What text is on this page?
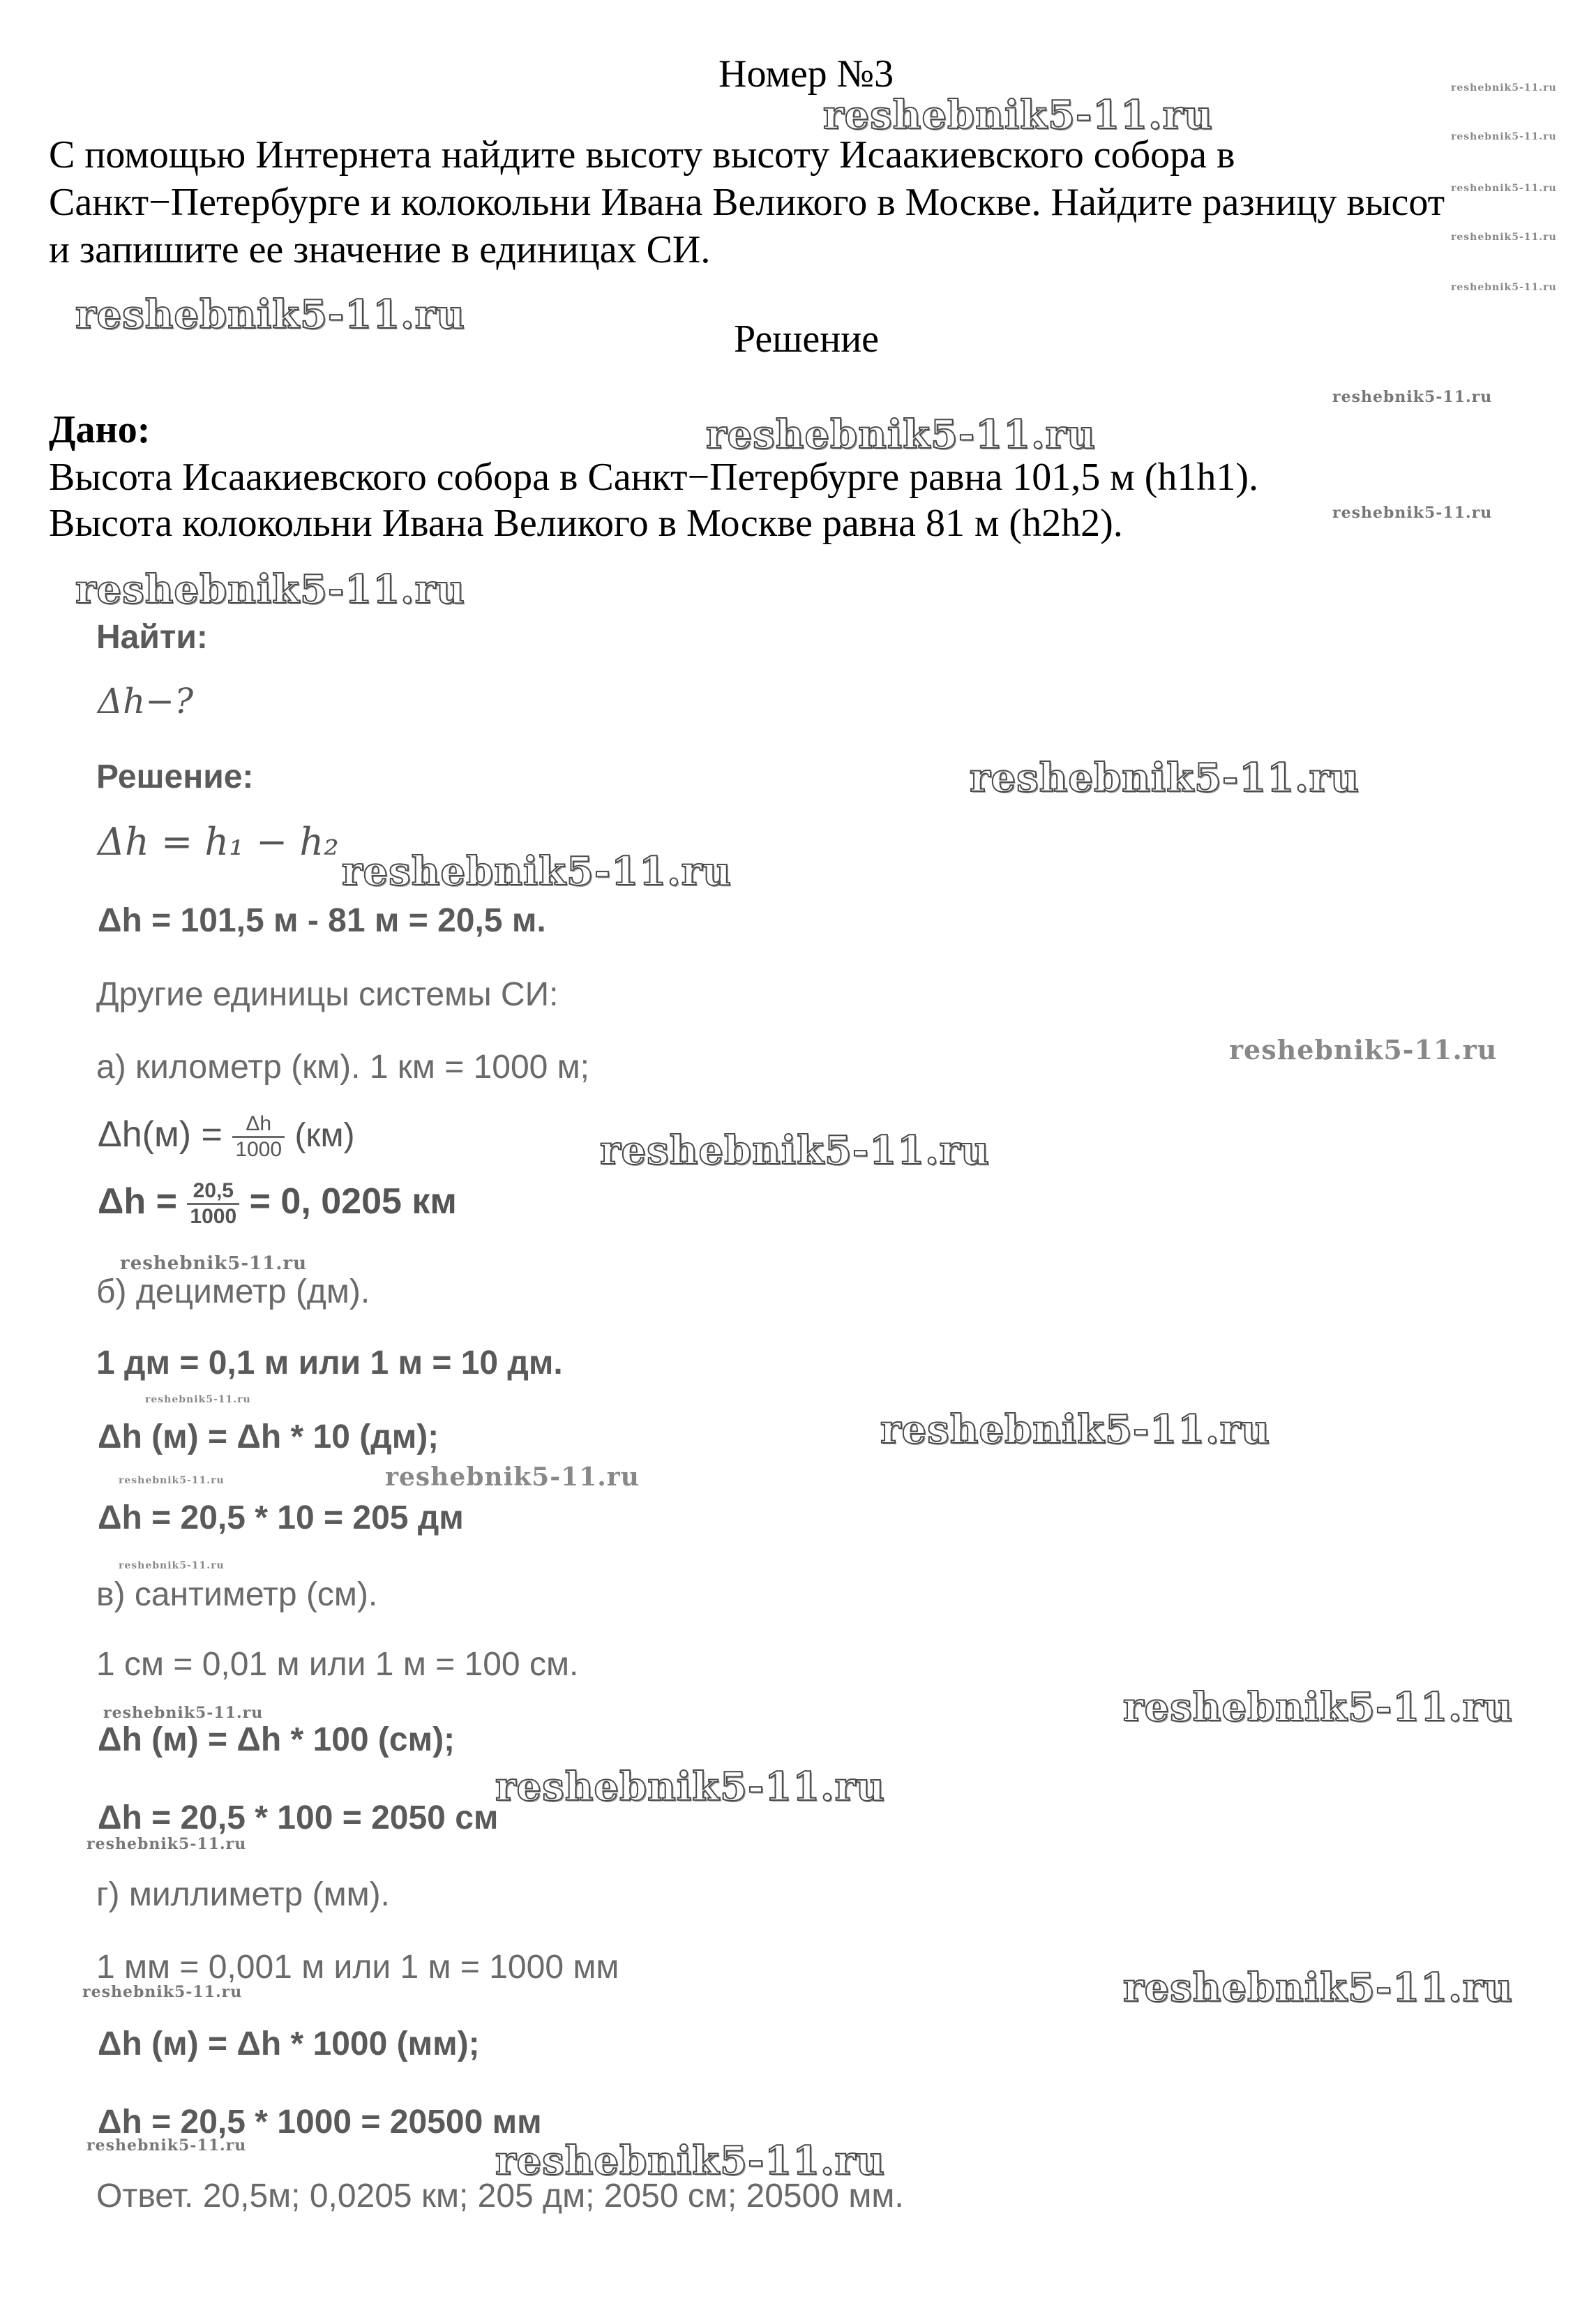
Номер №3
С помощью Интернета найдите высоту высоту Исаакиевского собора в
Санкт−Петербурге и колокольни Ивана Великого в Москве. Найдите разницу высот
и запишите ее значение в единицах СИ.
Решение
Дано:
Высота Исаакиевского собора в Санкт−Петербурге равна 101,5 м (h1h1).
Высота колокольни Ивана Великого в Москве равна 81 м (h2h2).
Найти:
Δh−?
Решение:
Δh = h₁ − h₂
Δh = 101,5 м - 81 м = 20,5 м.
Другие единицы системы СИ:
а) километр (км). 1 км = 1000 м;
$\Delta h(м) = \frac{\Delta h}{1000} (км)$
$\Delta h = \frac{20,5}{1000} = 0$, 0205 км
б) дециметр (дм).
1 дм = 0,1 м или 1 м = 10 дм.
Δh (м) = Δh * 10 (дм);
Δh = 20,5 * 10 = 205 дм
в) сантиметр (см).
1 см = 0,01 м или 1 м = 100 см.
Δh (м) = Δh * 100 (см);
Δh = 20,5 * 100 = 2050 см
г) миллиметр (мм).
1 мм = 0,001 м или 1 м = 1000 мм
Δh (м) = Δh * 1000 (мм);
Δh = 20,5 * 1000 = 20500 мм
Ответ. 20,5м; 0,0205 км; 205 дм; 2050 см; 20500 мм.
reshebnik5-11.ru
reshebnik5-11.ru
reshebnik5-11.ru
reshebnik5-11.ru
reshebnik5-11.ru
reshebnik5-11.ru
reshebnik5-11.ru
reshebnik5-11.ru
reshebnik5-11.ru
reshebnik5-11.ru
reshebnik5-11.ru
reshebnik5-11.ru
reshebnik5-11.ru
reshebnik5-11.ru
reshebnik5-11.ru
reshebnik5-11.ru
reshebnik5-11.ru
reshebnik5-11.ru
reshebnik5-11.ru
reshebnik5-11.ru
reshebnik5-11.ru
reshebnik5-11.ru
reshebnik5-11.ru
reshebnik5-11.ru
reshebnik5-11.ru
reshebnik5-11.ru
reshebnik5-11.ru
reshebnik5-11.ru
reshebnik5-11.ru
